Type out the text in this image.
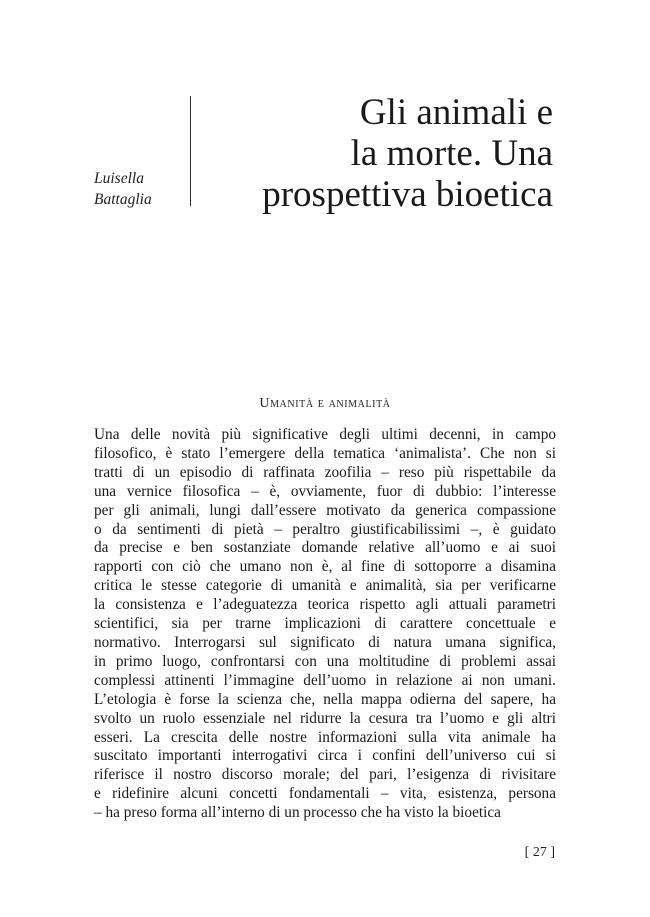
Luisella
Battaglia
Gli animali e
la morte. Una
prospettiva bioetica
Umanità e animalità
Una delle novità più significative degli ultimi decenni, in campo
filosofico, è stato l’emergere della tematica ‘animalista’. Che non si
tratti di un episodio di raffinata zoofilia – reso più rispettabile da
una vernice filosofica – è, ovviamente, fuor di dubbio: l’interesse
per gli animali, lungi dall’essere motivato da generica compassione
o da sentimenti di pietà – peraltro giustificabilissimi –, è guidato
da precise e ben sostanziate domande relative all’uomo e ai suoi
rapporti con ciò che umano non è, al fine di sottoporre a disamina
critica le stesse categorie di umanità e animalità, sia per verificarne
la consistenza e l’adeguatezza teorica rispetto agli attuali parametri
scientifici, sia per trarne implicazioni di carattere concettuale e
normativo. Interrogarsi sul significato di natura umana significa,
in primo luogo, confrontarsi con una moltitudine di problemi assai
complessi attinenti l’immagine dell’uomo in relazione ai non umani.
L’etologia è forse la scienza che, nella mappa odierna del sapere, ha
svolto un ruolo essenziale nel ridurre la cesura tra l’uomo e gli altri
esseri. La crescita delle nostre informazioni sulla vita animale ha
suscitato importanti interrogativi circa i confini dell’universo cui si
riferisce il nostro discorso morale; del pari, l’esigenza di rivisitare
e ridefinire alcuni concetti fondamentali – vita, esistenza, persona
– ha preso forma all’interno di un processo che ha visto la bioetica
[ 27 ]
